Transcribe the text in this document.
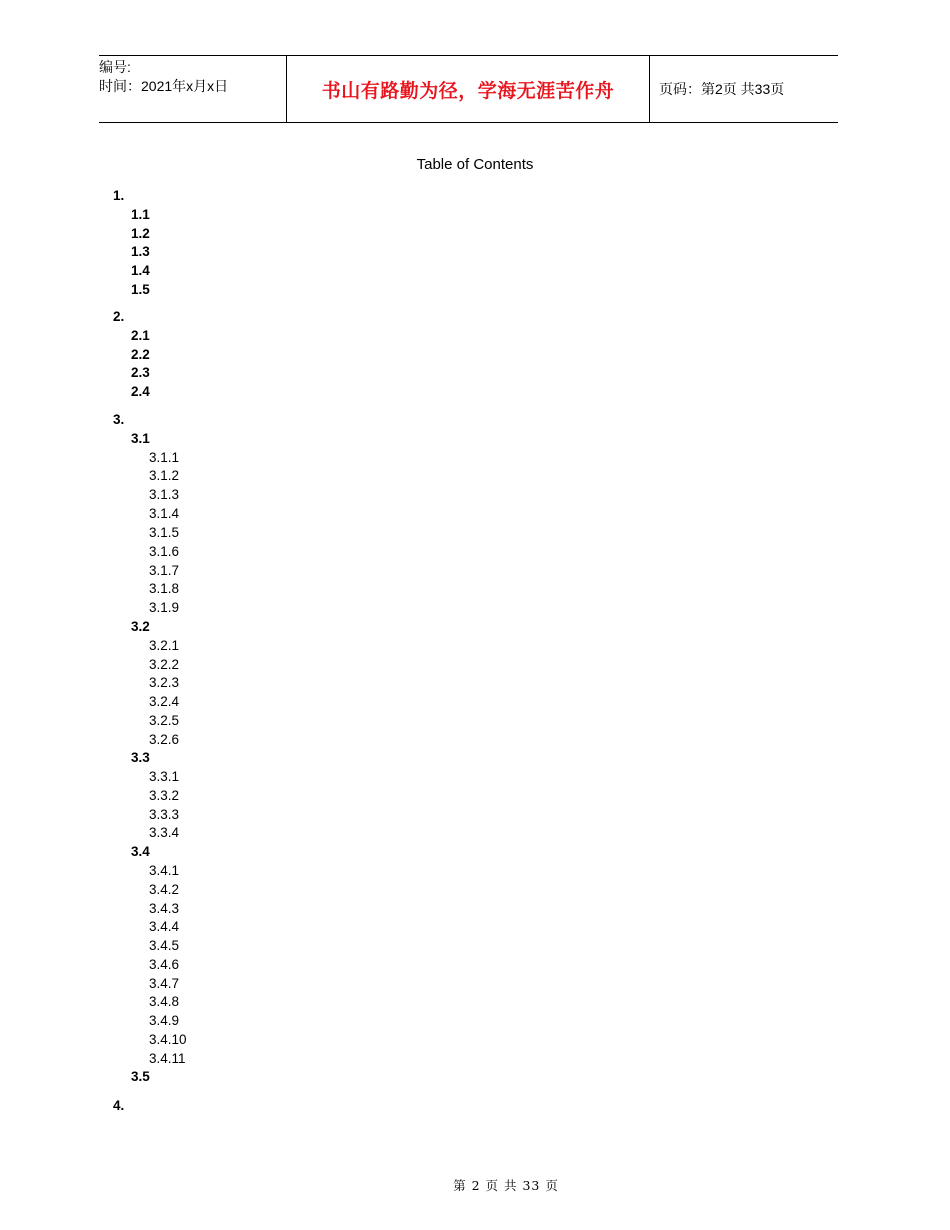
编号:
时间：2021年x月x日	书山有路勤为径，学海无涯苦作舟	页码：第2页 共33页
Table of Contents
1.
1.1
1.2
1.3
1.4
1.5
2.
2.1
2.2
2.3
2.4
3.
3.1
3.1.1
3.1.2
3.1.3
3.1.4
3.1.5
3.1.6
3.1.7
3.1.8
3.1.9
3.2
3.2.1
3.2.2
3.2.3
3.2.4
3.2.5
3.2.6
3.3
3.3.1
3.3.2
3.3.3
3.3.4
3.4
3.4.1
3.4.2
3.4.3
3.4.4
3.4.5
3.4.6
3.4.7
3.4.8
3.4.9
3.4.10
3.4.11
3.5
4.
第 2 页 共 33 页
